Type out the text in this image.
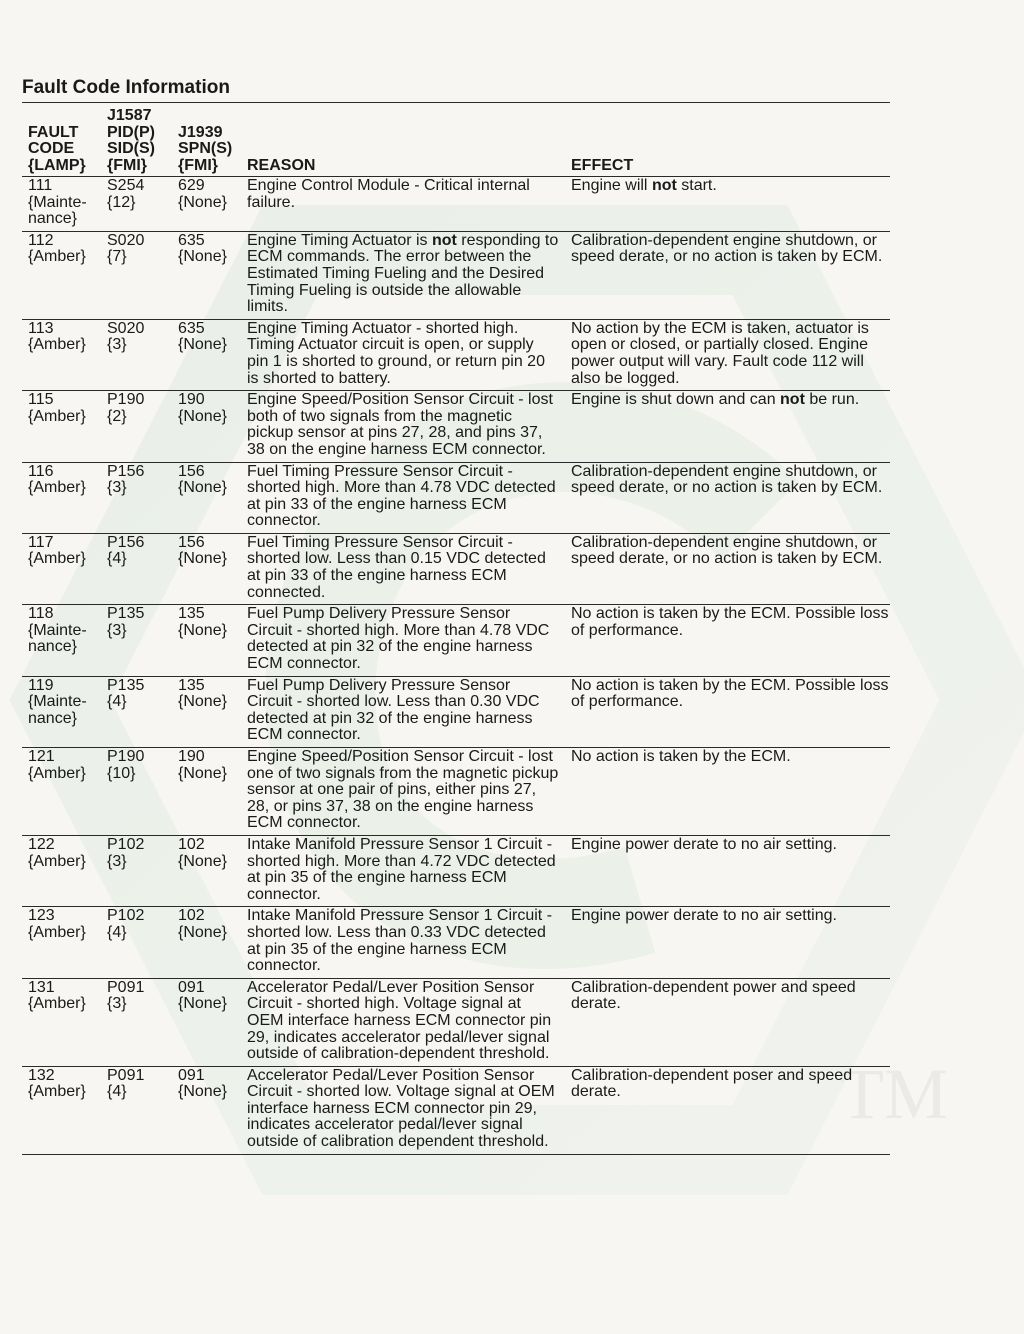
TM
Fault Code Information
FAULT
CODE
{LAMP}
J1587
PID(P)
SID(S)
{FMI}
J1939
SPN(S)
{FMI}	REASON	EFFECT
111
{Mainte-
nance}
S254
{12}
629
{None}
Engine Control Module - Critical internal failure.
Engine will not start.
112
{Amber}
S020
{7}
635
{None}
Engine Timing Actuator is not responding to ECM commands. The error between the Estimated Timing Fueling and the Desired Timing Fueling is outside the allowable limits.
Calibration-dependent engine shutdown, or speed derate, or no action is taken by ECM.
113
{Amber}
S020
{3}
635
{None}
Engine Timing Actuator - shorted high. Timing Actuator circuit is open, or supply pin 1 is shorted to ground, or return pin 20 is shorted to battery.
No action by the ECM is taken, actuator is open or closed, or partially closed. Engine power output will vary. Fault code 112 will also be logged.
115
{Amber}
P190
{2}
190
{None}
Engine Speed/Position Sensor Circuit - lost both of two signals from the magnetic pickup sensor at pins 27, 28, and pins 37, 38 on the engine harness ECM connector.
Engine is shut down and can not be run.
116
{Amber}
P156
{3}
156
{None}
Fuel Timing Pressure Sensor Circuit - shorted high. More than 4.78 VDC detected at pin 33 of the engine harness ECM connector.
Calibration-dependent engine shutdown, or speed derate, or no action is taken by ECM.
117
{Amber}
P156
{4}
156
{None}
Fuel Timing Pressure Sensor Circuit - shorted low. Less than 0.15 VDC detected at pin 33 of the engine harness ECM connected.
Calibration-dependent engine shutdown, or speed derate, or no action is taken by ECM.
118
{Mainte-
nance}
P135
{3}
135
{None}
Fuel Pump Delivery Pressure Sensor Circuit - shorted high. More than 4.78 VDC detected at pin 32 of the engine harness ECM connector.
No action is taken by the ECM. Possible loss of performance.
119
{Mainte-
nance}
P135
{4}
135
{None}
Fuel Pump Delivery Pressure Sensor Circuit - shorted low. Less than 0.30 VDC detected at pin 32 of the engine harness ECM connector.
No action is taken by the ECM. Possible loss of performance.
121
{Amber}
P190
{10}
190
{None}
Engine Speed/Position Sensor Circuit - lost one of two signals from the magnetic pickup sensor at one pair of pins, either pins 27, 28, or pins 37, 38 on the engine harness ECM connector.
No action is taken by the ECM.
122
{Amber}
P102
{3}
102
{None}
Intake Manifold Pressure Sensor 1 Circuit - shorted high. More than 4.72 VDC detected at pin 35 of the engine harness ECM connector.
Engine power derate to no air setting.
123
{Amber}
P102
{4}
102
{None}
Intake Manifold Pressure Sensor 1 Circuit - shorted low. Less than 0.33 VDC detected at pin 35 of the engine harness ECM connector.
Engine power derate to no air setting.
131
{Amber}
P091
{3}
091
{None}
Accelerator Pedal/Lever Position Sensor Circuit - shorted high. Voltage signal at OEM interface harness ECM connector pin 29, indicates accelerator pedal/lever signal outside of calibration-dependent threshold.
Calibration-dependent power and speed derate.
132
{Amber}
P091
{4}
091
{None}
Accelerator Pedal/Lever Position Sensor Circuit - shorted low. Voltage signal at OEM interface harness ECM connector pin 29, indicates accelerator pedal/lever signal outside of calibration dependent threshold.
Calibration-dependent poser and speed derate.
